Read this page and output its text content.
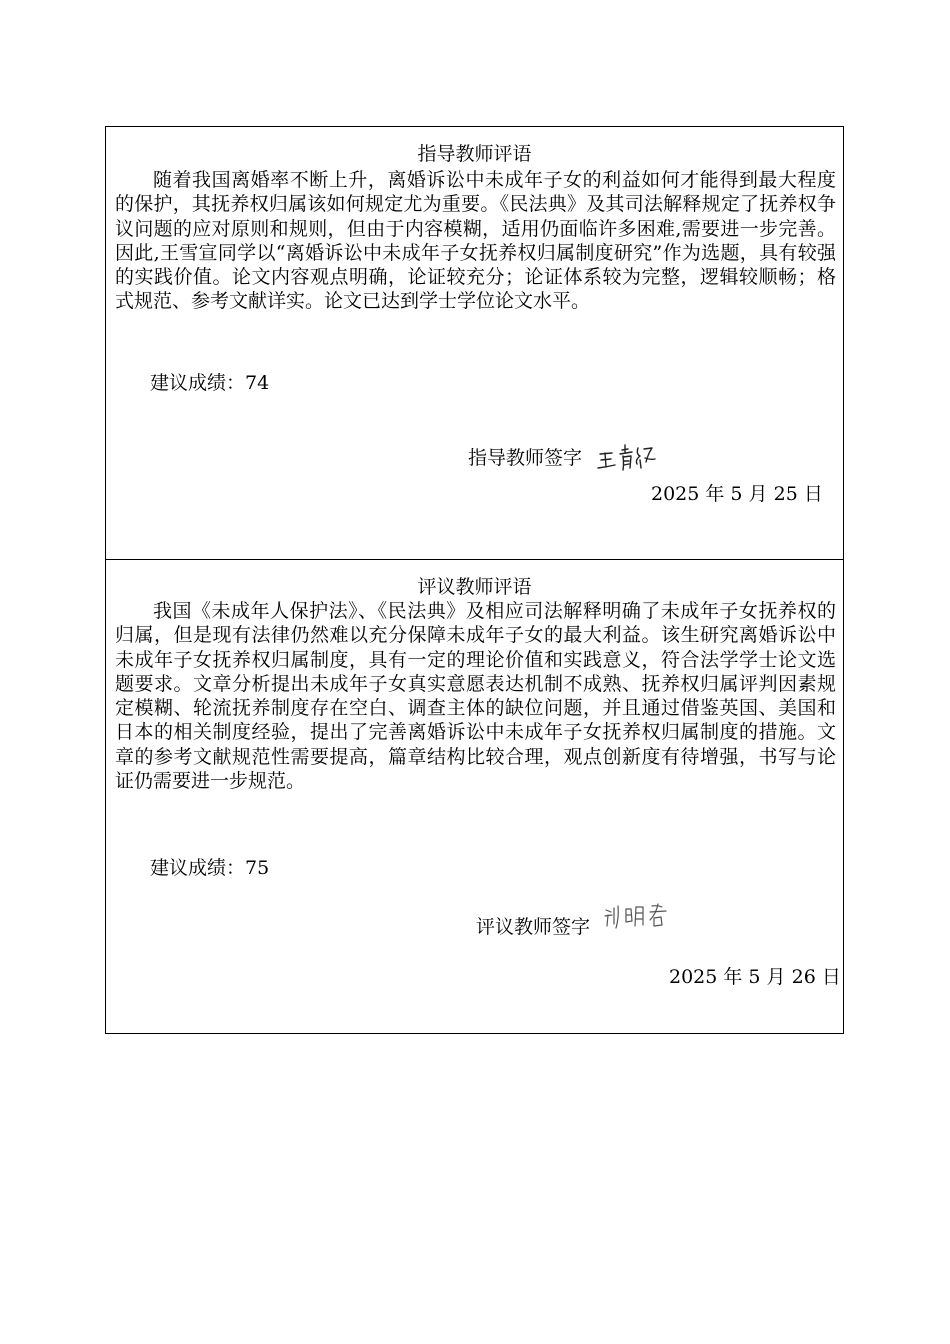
指导教师评语
随着我国离婚率不断上升，离婚诉讼中未成年子女的利益如何才能得到最大程度的保护，其抚养权归属该如何规定尤为重要。《民法典》及其司法解释规定了抚养权争议问题的应对原则和规则，但由于内容模糊，适用仍面临许多困难,需要进一步完善。因此,王雪宣同学以“离婚诉讼中未成年子女抚养权归属制度研究”作为选题，具有较强的实践价值。论文内容观点明确，论证较充分；论证体系较为完整，逻辑较顺畅；格式规范、参考文献详实。论文已达到学士学位论文水平。
建议成绩：74
指导教师签字
2025 年 5 月 25 日
评议教师评语
我国《未成年人保护法》、《民法典》及相应司法解释明确了未成年子女抚养权的归属，但是现有法律仍然难以充分保障未成年子女的最大利益。该生研究离婚诉讼中未成年子女抚养权归属制度，具有一定的理论价值和实践意义，符合法学学士论文选题要求。文章分析提出未成年子女真实意愿表达机制不成熟、抚养权归属评判因素规定模糊、轮流抚养制度存在空白、调查主体的缺位问题，并且通过借鉴英国、美国和日本的相关制度经验，提出了完善离婚诉讼中未成年子女抚养权归属制度的措施。文章的参考文献规范性需要提高，篇章结构比较合理，观点创新度有待增强，书写与论证仍需要进一步规范。
建议成绩：75
评议教师签字
2025 年 5 月 26 日
